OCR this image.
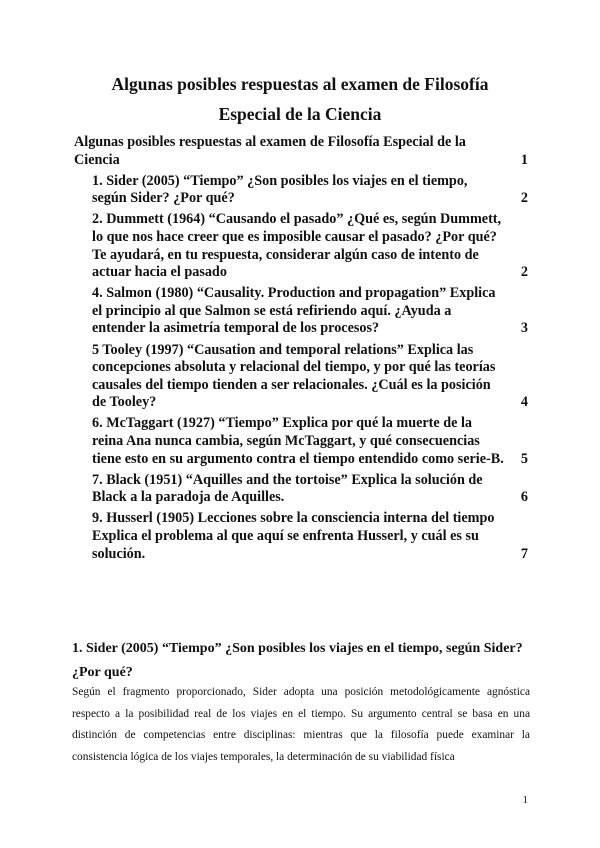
Algunas posibles respuestas al examen de Filosofía
Especial de la Ciencia
Algunas posibles respuestas al examen de Filosofía Especial de la Ciencia	1
1. Sider (2005) “Tiempo” ¿Son posibles los viajes en el tiempo, según Sider? ¿Por qué?	2
2. Dummett (1964) “Causando el pasado” ¿Qué es, según Dummett, lo que nos hace creer que es imposible causar el pasado? ¿Por qué? Te ayudará, en tu respuesta, considerar algún caso de intento de actuar hacia el pasado	2
4. Salmon (1980) “Causality. Production and propagation” Explica el principio al que Salmon se está refiriendo aquí. ¿Ayuda a entender la asimetría temporal de los procesos?	3
5 Tooley (1997) “Causation and temporal relations” Explica las concepciones absoluta y relacional del tiempo, y por qué las teorías causales del tiempo tienden a ser relacionales. ¿Cuál es la posición de Tooley?	4
6. McTaggart (1927) “Tiempo” Explica por qué la muerte de la reina Ana nunca cambia, según McTaggart, y qué consecuencias tiene esto en su argumento contra el tiempo entendido como serie-B.	5
7. Black (1951) “Aquilles and the tortoise” Explica la solución de Black a la paradoja de Aquilles.	6
9. Husserl (1905) Lecciones sobre la consciencia interna del tiempo Explica el problema al que aquí se enfrenta Husserl, y cuál es su solución.	7
1. Sider (2005) “Tiempo” ¿Son posibles los viajes en el tiempo, según Sider? ¿Por qué?

Según el fragmento proporcionado, Sider adopta una posición metodológicamente agnóstica respecto a la posibilidad real de los viajes en el tiempo. Su argumento central se basa en una distinción de competencias entre disciplinas: mientras que la filosofía puede examinar la consistencia lógica de los viajes temporales, la determinación de su viabilidad física

1
